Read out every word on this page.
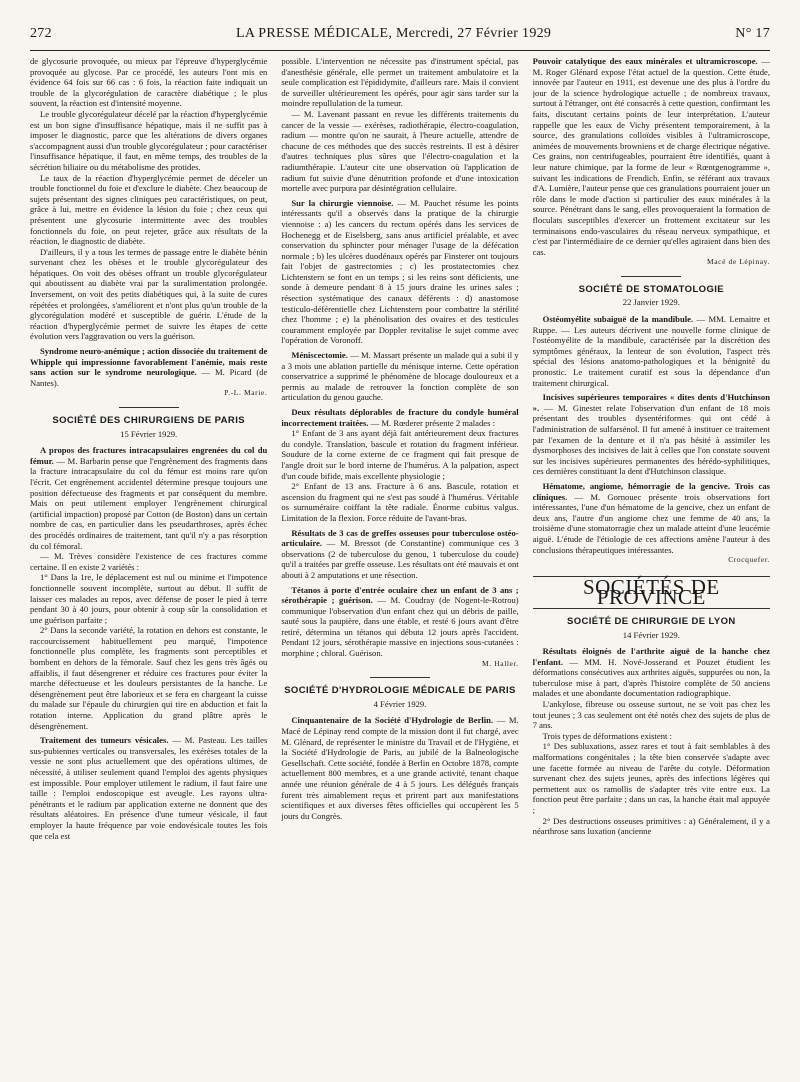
272	LA PRESSE MÉDICALE, Mercredi, 27 Février 1929	N° 17

de glycosurie provoquée, ou mieux par l'épreuve d'hyperglycémie provoquée au glycose. Par ce procédé, les auteurs l'ont mis en évidence 64 fois sur 66 cas : 6 fois, la réaction faite indiquait un trouble de la glycorégulation de caractère diabétique ; le plus souvent, la réaction est d'intensité moyenne.

Le trouble glycorégulateur décelé par la réaction d'hyperglycémie est un bon signe d'insuffisance hépatique, mais il ne suffit pas à imposer le diagnostic, parce que les altérations de divers organes s'accompagnent aussi d'un trouble glycorégulateur ; pour caractériser l'insuffisance hépatique, il faut, en même temps, des troubles de la sécrétion biliaire ou du métabolisme des protides.

Le taux de la réaction d'hyperglycémie permet de déceler un trouble fonctionnel du foie et d'exclure le diabète. Chez beaucoup de sujets présentant des signes cliniques peu caractéristiques, on peut, grâce à lui, mettre en évidence la lésion du foie ; chez ceux qui présentent une glycosurie intermittente avec des troubles fonctionnels du foie, on peut rejeter, grâce aux résultats de la réaction, le diagnostic de diabète.

D'ailleurs, il y a tous les termes de passage entre le diabète bénin survenant chez les obèses et le trouble glycorégulateur des hépatiques. On voit des obèses offrant un trouble glycorégulateur qui aboutissent au diabète vrai par la suralimentation prolongée. Inversement, on voit des petits diabétiques qui, à la suite de cures répétées et prolongées, s'améliorent et n'ont plus qu'un trouble de la glycorégulation modéré et susceptible de guérir. L'étude de la réaction d'hyperglycémie permet de suivre les étapes de cette évolution vers l'aggravation ou vers la guérison.

Syndrome neuro-anémique ; action dissociée du traitement de Whipple qui impressionne favorablement l'anémie, mais reste sans action sur le syndrome neurologique. — M. Picard (de Nantes).

P.-L. Marie.

SOCIÉTÉ DES CHIRURGIENS DE PARIS
15 Février 1929.

A propos des fractures intracapsulaires engrenées du col du fémur. — M. Barbarin pense que l'engrènement des fragments dans la fracture intracapsulaire du col du fémur est moins rare qu'on l'écrit. Cet engrènement accidentel détermine presque toujours une position défectueuse des fragments et par conséquent du membre. Mais on peut utilement employer l'engrènement chirurgical (artificial impaction) proposé par Cotton (de Boston) dans un certain nombre de cas, en particulier dans les pseudarthroses, après échec des procédés ordinaires de traitement, tant qu'il n'y a pas résorption du col fémoral.

— M. Trèves considère l'existence de ces fractures comme certaine. Il en existe 2 variétés :

1° Dans la 1re, le déplacement est nul ou minime et l'impotence fonctionnelle souvent incomplète, surtout au début. Il suffit de laisser ces malades au repos, avec défense de poser le pied à terre pendant 30 à 40 jours, pour obtenir à coup sûr la consolidation et une guérison parfaite ;

2° Dans la seconde variété, la rotation en dehors est constante, le raccourcissement habituellement peu marqué, l'impotence fonctionnelle plus complète, les fragments sont perceptibles et bombent en dehors de la fémorale. Sauf chez les gens très âgés ou affaiblis, il faut désengrener et réduire ces fractures pour éviter la marche défectueuse et les douleurs persistantes de la hanche. Le désengrènement peut être laborieux et se fera en chargeant la cuisse du malade sur l'épaule du chirurgien qui tire en abduction et fait la rotation interne. Application du grand plâtre après le désengrènement.

Traitement des tumeurs vésicales. — M. Pasteau. Les tailles sus-pubiennes verticales ou transversales, les exérèses totales de la vessie ne sont plus actuellement que des opérations ultimes, de nécessité, à utiliser seulement quand l'emploi des agents physiques est impossible. Pour employer utilement le radium, il faut faire une taille : l'emploi endoscopique est aveugle. Les rayons ultra-pénétrants et le radium par application externe ne donnent que des résultats aléatoires. En présence d'une tumeur vésicale, il faut employer la haute fréquence par voie endovésicale toutes les fois que cela est

possible. L'intervention ne nécessite pas d'instrument spécial, pas d'anesthésie générale, elle permet un traitement ambulatoire et la seule complication est l'épididymite, d'ailleurs rare. Mais il convient de surveiller ultérieurement les opérés, pour agir sans tarder sur la moindre repullulation de la tumeur.

— M. Lavenant passant en revue les différents traitements du cancer de la vessie — exérèses, radiothérapie, électro-coagulation, radium — montre qu'on ne saurait, à l'heure actuelle, attendre de chacune de ces méthodes que des succès restreints. Il est à désirer d'autres techniques plus sûres que l'électro-coagulation et la radiumthérapie. L'auteur cite une observation où l'application de radium fut suivie d'une dénutrition profonde et d'une intoxication mortelle avec purpura par désintégration cellulaire.

Sur la chirurgie viennoise. — M. Pauchet résume les points intéressants qu'il a observés dans la pratique de la chirurgie viennoise : a) les cancers du rectum opérés dans les services de Hochenegg et de Eiselsberg, sans anus artificiel préalable, et avec conservation du sphincter pour ménager l'usage de la défécation normale ; b) les ulcères duodénaux opérés par Finsterer ont toujours fait l'objet de gastrectomies ; c) les prostatectomies chez Lichtenstern se font en un temps ; si les reins sont déficients, une sonde à demeure pendant 8 à 15 jours draine les urines sales ; résection systématique des canaux déférents : d) anastomose testiculo-déférentielle chez Lichtenstern pour combattre la stérilité chez l'homme ; e) la phénolisation des ovaires et des testicules couramment employée par Doppler revitalise le sujet comme avec l'opération de Voronoff.

Méniscectomie. — M. Massart présente un malade qui a subi il y a 3 mois une ablation partielle du ménisque interne. Cette opération conservatrice a supprimé le phénomène de blocage douloureux et a permis au malade de retrouver la fonction complète de son articulation du genou gauche.

Deux résultats déplorables de fracture du condyle huméral incorrectement traitées. — M. Rœderer présente 2 malades :

1° Enfant de 3 ans ayant déjà fait antérieurement deux fractures du condyle. Translation, bascule et rotation du fragment inférieur. Soudure de la corne externe de ce fragment qui fait presque de l'angle droit sur le bord interne de l'humérus. A la palpation, aspect d'un coude bifide, mais excellente physiologie ;

2° Enfant de 13 ans. Fracture à 6 ans. Bascule, rotation et ascension du fragment qui ne s'est pas soudé à l'humérus. Véritable os surnuméraire coiffant la tête radiale. Énorme cubitus valgus. Limitation de la flexion. Force réduite de l'avant-bras.

Résultats de 3 cas de greffes osseuses pour tuberculose ostéo-articulaire. — M. Bressot (de Constantine) communique ces 3 observations (2 de tuberculose du genou, 1 tuberculose du coude) qu'il a traitées par greffe osseuse. Les résultats ont été mauvais et ont abouti à 2 amputations et une résection.

Tétanos à porte d'entrée oculaire chez un enfant de 3 ans ; sérothérapie ; guérison. — M. Coudray (de Nogent-le-Rotrou) communique l'observation d'un enfant chez qui un débris de paille, sauté sous la paupière, dans une étable, et resté 6 jours avant d'être retiré, détermina un tétanos qui débuta 12 jours après l'accident. Pendant 12 jours, sérothérapie massive en injections sous-cutanées : morphine ; chloral. Guérison.

M. Haller.

SOCIÉTÉ D'HYDROLOGIE MÉDICALE DE PARIS
4 Février 1929.

Cinquantenaire de la Société d'Hydrologie de Berlin. — M. Macé de Lépinay rend compte de la mission dont il fut chargé, avec M. Glénard, de représenter le ministre du Travail et de l'Hygiène, et la Société d'Hydrologie de Paris, au jubilé de la Balneologische Gesellschaft. Cette société, fondée à Berlin en Octobre 1878, compte actuellement 800 membres, et a une grande activité, tenant chaque année une réunion générale de 4 à 5 jours. Les délégués français furent très aimablement reçus et prirent part aux manifestations scientifiques et aux diverses fêtes officielles qui occupèrent les 5 jours du Congrès.

Pouvoir catalytique des eaux minérales et ultramicroscope. — M. Roger Glénard expose l'état actuel de la question. Cette étude, innovée par l'auteur en 1911, est devenue une des plus à l'ordre du jour de la science hydrologique actuelle ; de nombreux travaux, surtout à l'étranger, ont été consacrés à cette question, confirmant les faits, discutant certains points de leur interprétation. L'auteur rappelle que les eaux de Vichy présentent temporairement, à la source, des granulations colloïdes visibles à l'ultramicroscope, animées de mouvements browniens et de charge électrique négative. Ces grains, non centrifugeables, pourraient être identifiés, quant à leur nature chimique, par la forme de leur « Rœntgenogramme », suivant les indications de Frendich. Enfin, se référant aux travaux d'A. Lumière, l'auteur pense que ces granulations pourraient jouer un rôle dans le mode d'action si particulier des eaux minérales à la source. Pénétrant dans le sang, elles provoqueraient la formation de floculats susceptibles d'exercer un frottement excitateur sur les terminaisons endo-vasculaires du réseau nerveux sympathique, et c'est par l'intermédiaire de ce dernier qu'elles agiraient dans bien des cas.

Macé de Lépinay.

SOCIÉTÉ DE STOMATOLOGIE
22 Janvier 1929.

Ostéomyélite subaiguë de la mandibule. — MM. Lemaitre et Ruppe. — Les auteurs décrivent une nouvelle forme clinique de l'ostéomyélite de la mandibule, caractérisée par la discrétion des symptômes généraux, la lenteur de son évolution, l'aspect très spécial des lésions anatomo-pathologiques et la bénignité du pronostic. Le traitement curatif est sous la dépendance d'un traitement chirurgical.

Incisives supérieures temporaires « dites dents d'Hutchinson ». — M. Ginestet relate l'observation d'un enfant de 18 mois présentant des troubles dysentériformes qui ont cédé à l'administration de sulfarsénol. Il fut amené à instituer ce traitement par l'examen de la denture et il n'a pas hésité à assimiler les dysmorphoses des incisives de lait à celles que l'on constate souvent sur les incisives supérieures permanentes des hérédo-syphilitiques, ces dernières constituant la dent d'Hutchinson classique.

Hématome, angiome, hémorragie de la gencive. Trois cas cliniques. — M. Gornouec présente trois observations fort intéressantes, l'une d'un hématome de la gencive, chez un enfant de deux ans, l'autre d'un angiome chez une femme de 40 ans, la troisième d'une stomatorragie chez un malade atteint d'une leucémie aiguë. L'étude de l'étiologie de ces affections amène l'auteur à des conclusions thérapeutiques intéressantes.

Crocquefer.

SOCIÉTÉS DE PROVINCE
SOCIÉTÉ DE CHIRURGIE DE LYON
14 Février 1929.

Résultats éloignés de l'arthrite aiguë de la hanche chez l'enfant. — MM. H. Nové-Josserand et Pouzet étudient les déformations consécutives aux arthrites aiguës, suppurées ou non, la tuberculose mise à part, d'après l'histoire complète de 50 anciens malades et une abondante documentation radiographique.

L'ankylose, fibreuse ou osseuse surtout, ne se voit pas chez les tout jeunes ; 3 cas seulement ont été notés chez des sujets de plus de 7 ans.

Trois types de déformations existent :

1° Des subluxations, assez rares et tout à fait semblables à des malformations congénitales ; la tête bien conservée s'adapte avec une facette formée au niveau de l'arête du cotyle. Déformation survenant chez des sujets jeunes, après des infections légères qui permettent aux os ramollis de s'adapter très vite entre eux. La fonction peut être parfaite ; dans un cas, la hanche était mal appuyée ;

2° Des destructions osseuses primitives : a) Généralement, il y a néarthrose sans luxation (ancienne
